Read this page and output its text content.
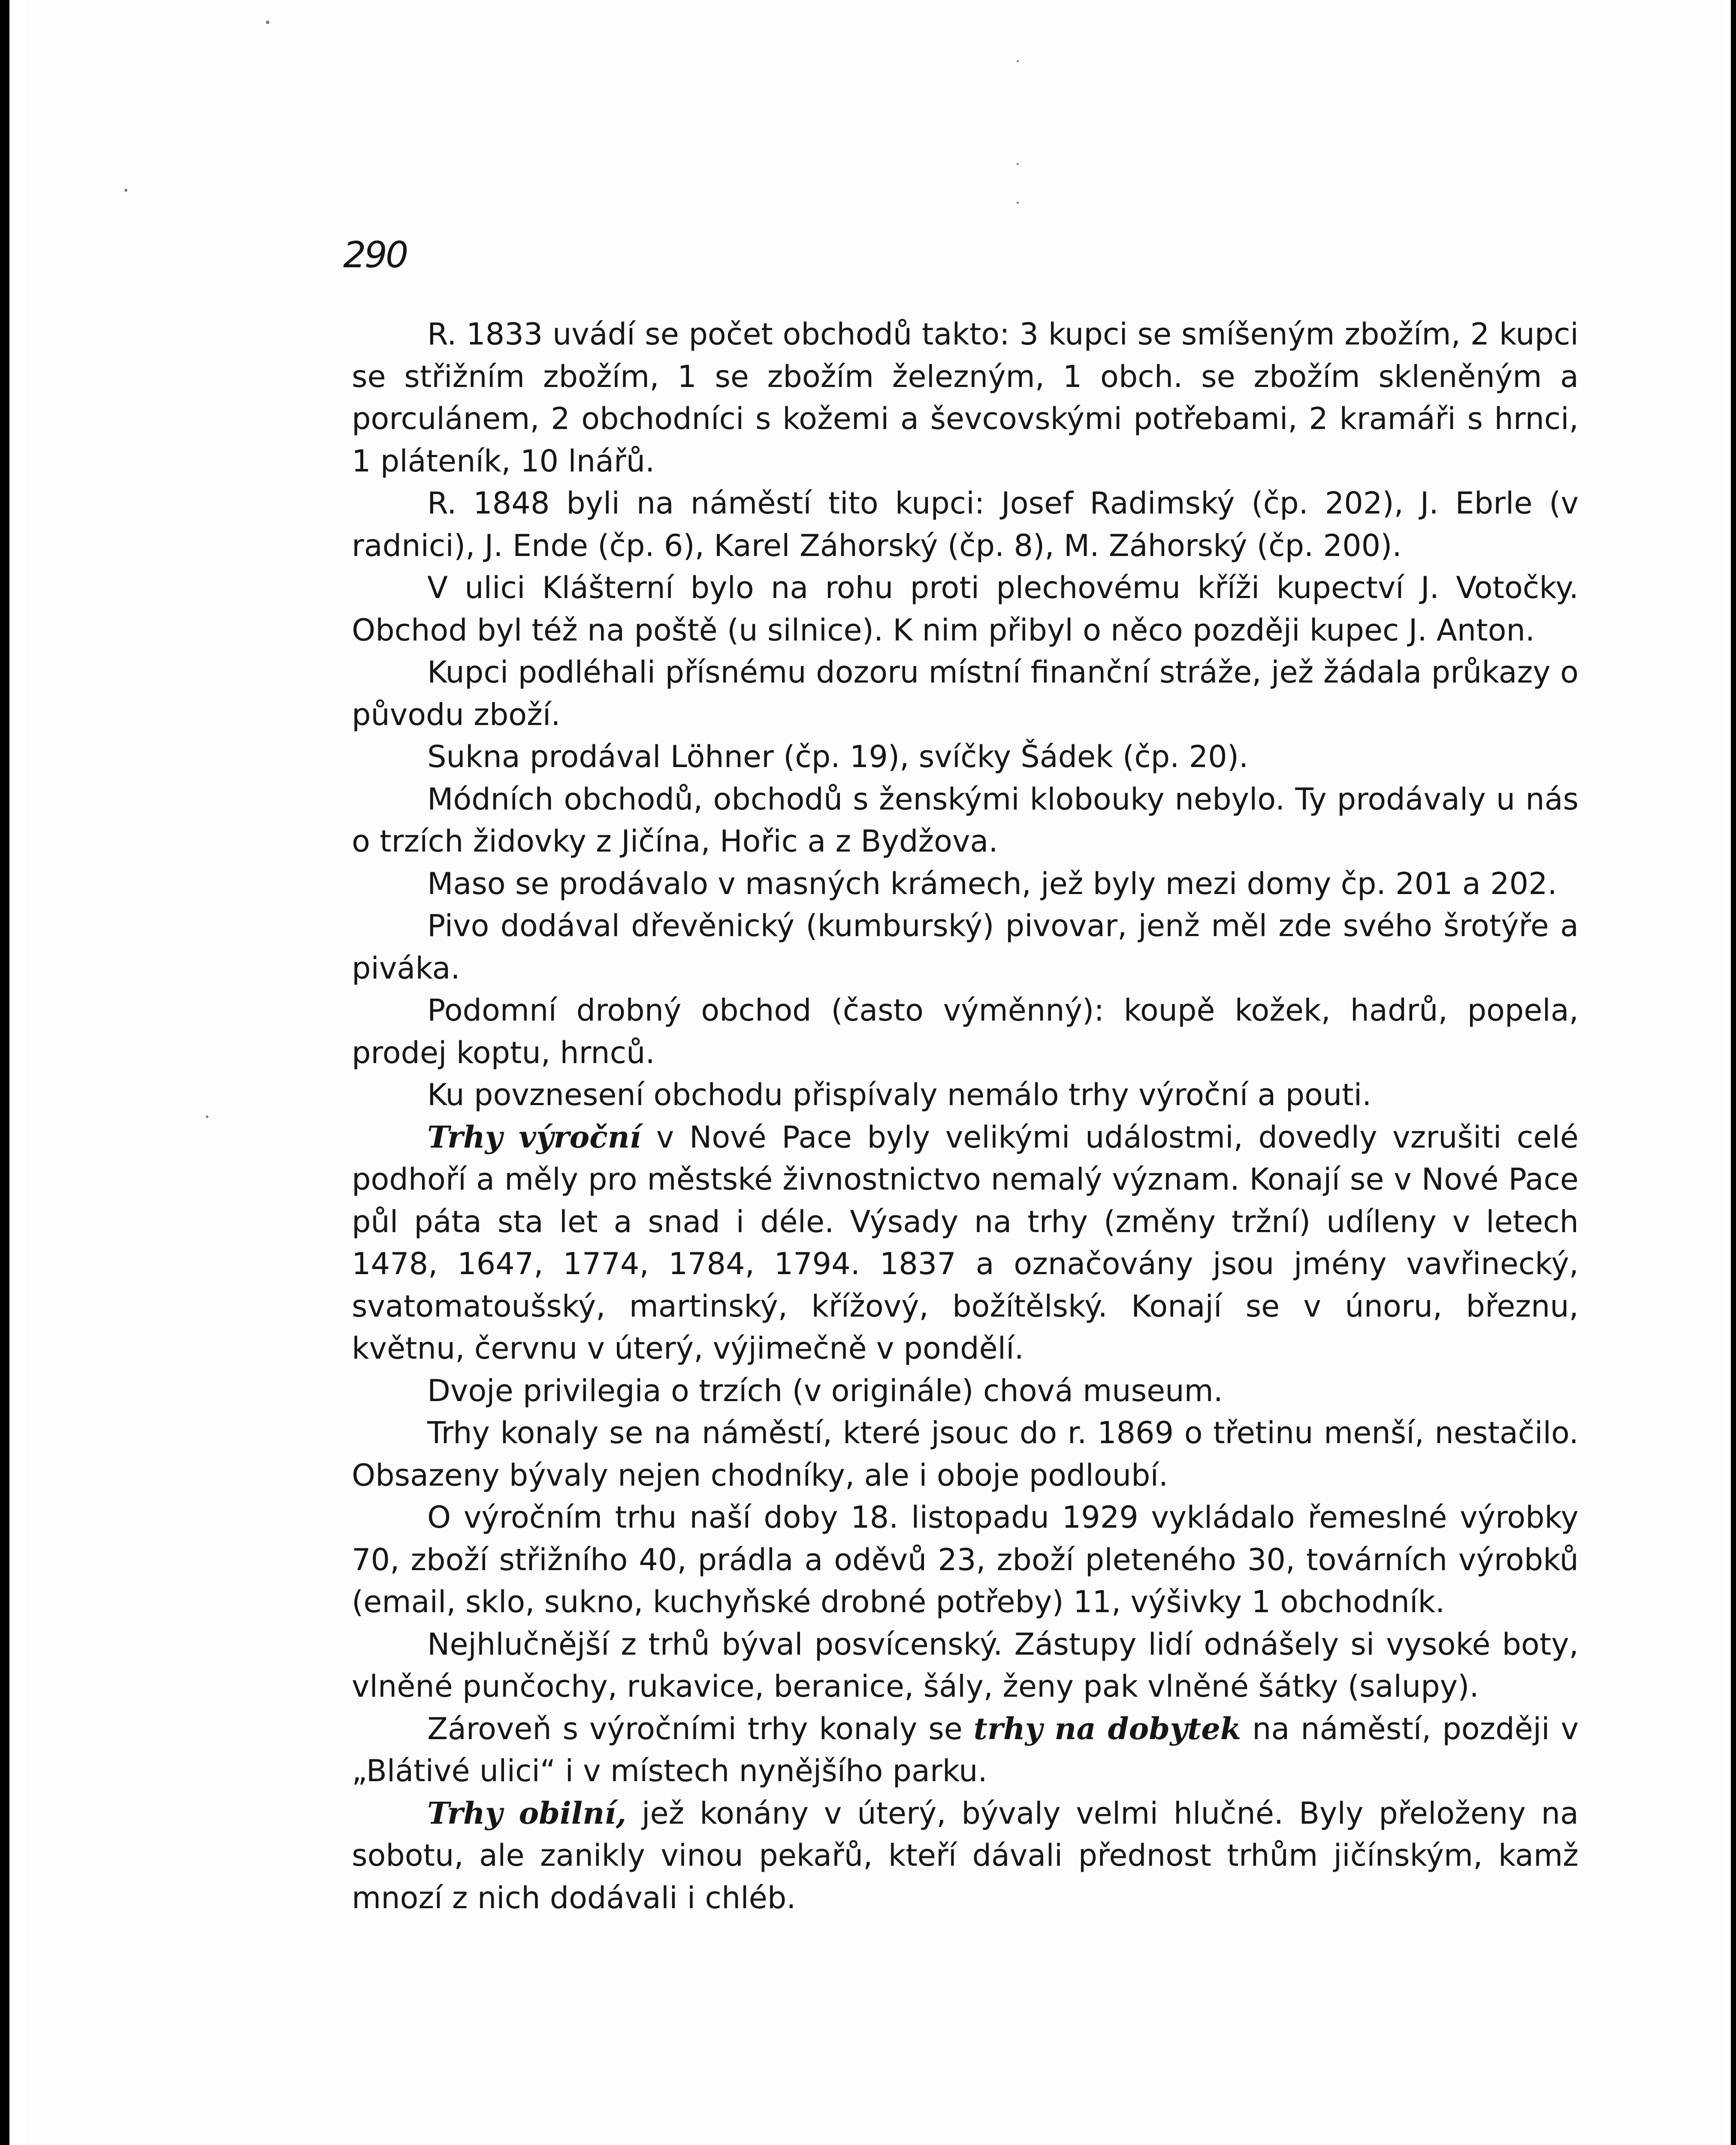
290

R. 1833 uvádí se počet obchodů takto: 3 kupci se smíšeným zbožím, 2 kupci se střižním zbožím, 1 se zbožím železným, 1 obch. se zbožím skleněným a porculánem, 2 obchodníci s kožemi a ševcovskými potřebami, 2 kramáři s hrnci, 1 pláteník, 10 lnářů.

R. 1848 byli na náměstí tito kupci: Josef Radimský (čp. 202), J. Ebrle (v radnici), J. Ende (čp. 6), Karel Záhorský (čp. 8), M. Záhorský (čp. 200).

V ulici Klášterní bylo na rohu proti plechovému kříži kupectví J. Votočky. Obchod byl též na poště (u silnice). K nim přibyl o něco později kupec J. Anton.

Kupci podléhali přísnému dozoru místní finanční stráže, jež žádala průkazy o původu zboží.

Sukna prodával Löhner (čp. 19), svíčky Šádek (čp. 20).

Módních obchodů, obchodů s ženskými klobouky nebylo. Ty prodávaly u nás o trzích židovky z Jičína, Hořic a z Bydžova.

Maso se prodávalo v masných krámech, jež byly mezi domy čp. 201 a 202.

Pivo dodával dřevěnický (kumburský) pivovar, jenž měl zde svého šrotýře a piváka.

Podomní drobný obchod (často výměnný): koupě kožek, hadrů, popela, prodej koptu, hrnců.

Ku povznesení obchodu přispívaly nemálo trhy výroční a pouti.

Trhy výroční v Nové Pace byly velikými událostmi, dovedly vzrušiti celé podhoří a měly pro městské živnostnictvo nemalý význam. Konají se v Nové Pace půl páta sta let a snad i déle. Výsady na trhy (změny tržní) udíleny v letech 1478, 1647, 1774, 1784, 1794. 1837 a označovány jsou jmény vavřinecký, svatomatoušský, martinský, křížový, božítělský. Konají se v únoru, březnu, květnu, červnu v úterý, výjimečně v pondělí.

Dvoje privilegia o trzích (v originále) chová museum.

Trhy konaly se na náměstí, které jsouc do r. 1869 o třetinu menší, nestačilo. Obsazeny bývaly nejen chodníky, ale i oboje podloubí.

O výročním trhu naší doby 18. listopadu 1929 vykládalo řemeslné výrobky 70, zboží střižního 40, prádla a oděvů 23, zboží pleteného 30, továrních výrobků (email, sklo, sukno, kuchyňské drobné potřeby) 11, výšivky 1 obchodník.

Nejhlučnější z trhů býval posvícenský. Zástupy lidí odnášely si vysoké boty, vlněné punčochy, rukavice, beranice, šály, ženy pak vlněné šátky (salupy).

Zároveň s výročními trhy konaly se trhy na dobytek na náměstí, později v „Blátivé ulici“ i v místech nynějšího parku.

Trhy obilní, jež konány v úterý, bývaly velmi hlučné. Byly přeloženy na sobotu, ale zanikly vinou pekařů, kteří dávali přednost trhům jičínským, kamž mnozí z nich dodávali i chléb.
